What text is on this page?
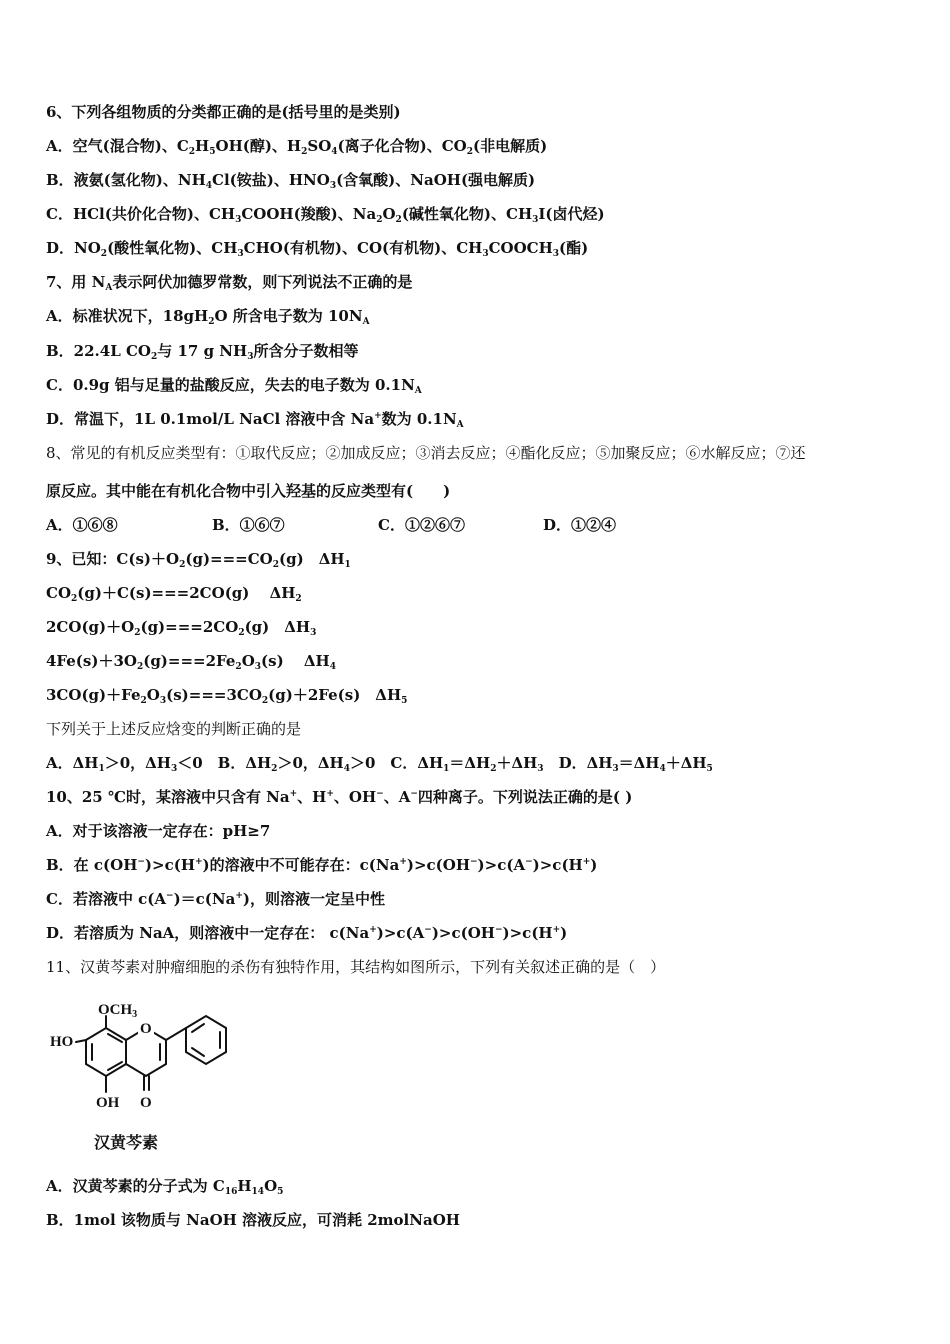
6、下列各组物质的分类都正确的是(括号里的是类别)
A．空气(混合物)、$C_2H_5OH$(醇)、$H_2SO_4$(离子化合物)、$CO_2$(非电解质)
B．液氨(氢化物)、$NH_4Cl$(铵盐)、$HNO_3$(含氧酸)、NaOH(强电解质)
C．HCl(共价化合物)、$CH_3COOH$(羧酸)、$Na_2O_2$(碱性氧化物)、$CH_3I$(卤代烃)
D．$NO_2$(酸性氧化物)、$CH_3CHO$(有机物)、CO(有机物)、$CH_3COOCH_3$(酯)
7、用 $N_A$表示阿伏加德罗常数，则下列说法不正确的是
A．标准状况下，$18gH_2O$ 所含电子数为 $10N_A$
B．22.4L $CO_2$与 17 g $NH_3$所含分子数相等
C．0.9g 铝与足量的盐酸反应，失去的电子数为 $0.1N_A$
D．常温下，1L 0.1mol/L NaCl 溶液中含 Na+数为 $0.1N_A$
8、常见的有机反应类型有：①取代反应；②加成反应；③消去反应；④酯化反应；⑤加聚反应；⑥水解反应；⑦还
原反应。其中能在有机化合物中引入羟基的反应类型有(　　)
A．①⑥⑧	B．①⑥⑦	C．①②⑥⑦	D．①②④
9、已知：$C(s)+O_2(g)===CO_2(g)$　$\Delta H_1$
$CO_2(g)+C(s)===2CO(g)$　 $\Delta H_2$
$2CO(g)+O_2(g)===2CO_2(g)$　$\Delta H_3$
$4Fe(s)+3O_2(g)===2Fe_2O_3(s)$　 $\Delta H_4$
$3CO(g)+Fe_2O_3(s)===3CO_2(g)+2Fe(s)$　$\Delta H_5$
下列关于上述反应焓变的判断正确的是
A．$\Delta H_1>0$，$\Delta H_3<0$　B．$\Delta H_2>0$，$\Delta H_4>0$　C．$\Delta H_1=\Delta H_2+\Delta H_3$　D．$\Delta H_3=\Delta H_4+\Delta H_5$
10、25 ℃时，某溶液中只含有 Na+、H+、OH−、A−四种离子。下列说法正确的是( )
A．对于该溶液一定存在：pH≥7
B．在 c(OH−)>c(H+)的溶液中不可能存在：c(Na+)>c(OH−)>c(A−)>c(H+)
C．若溶液中 c(A−)＝c(Na+)，则溶液一定呈中性
D．若溶质为 NaA，则溶液中一定存在： c(Na+)>c(A−)>c(OH−)>c(H+)
11、汉黄芩素对肿瘤细胞的杀伤有独特作用，其结构如图所示，下列有关叙述正确的是（　）
$OCH_3$
HO
O
OH O
汉黄芩素
A．汉黄芩素的分子式为 $C_{16}H_{14}O_5$
B．1mol 该物质与 NaOH 溶液反应，可消耗 2molNaOH
